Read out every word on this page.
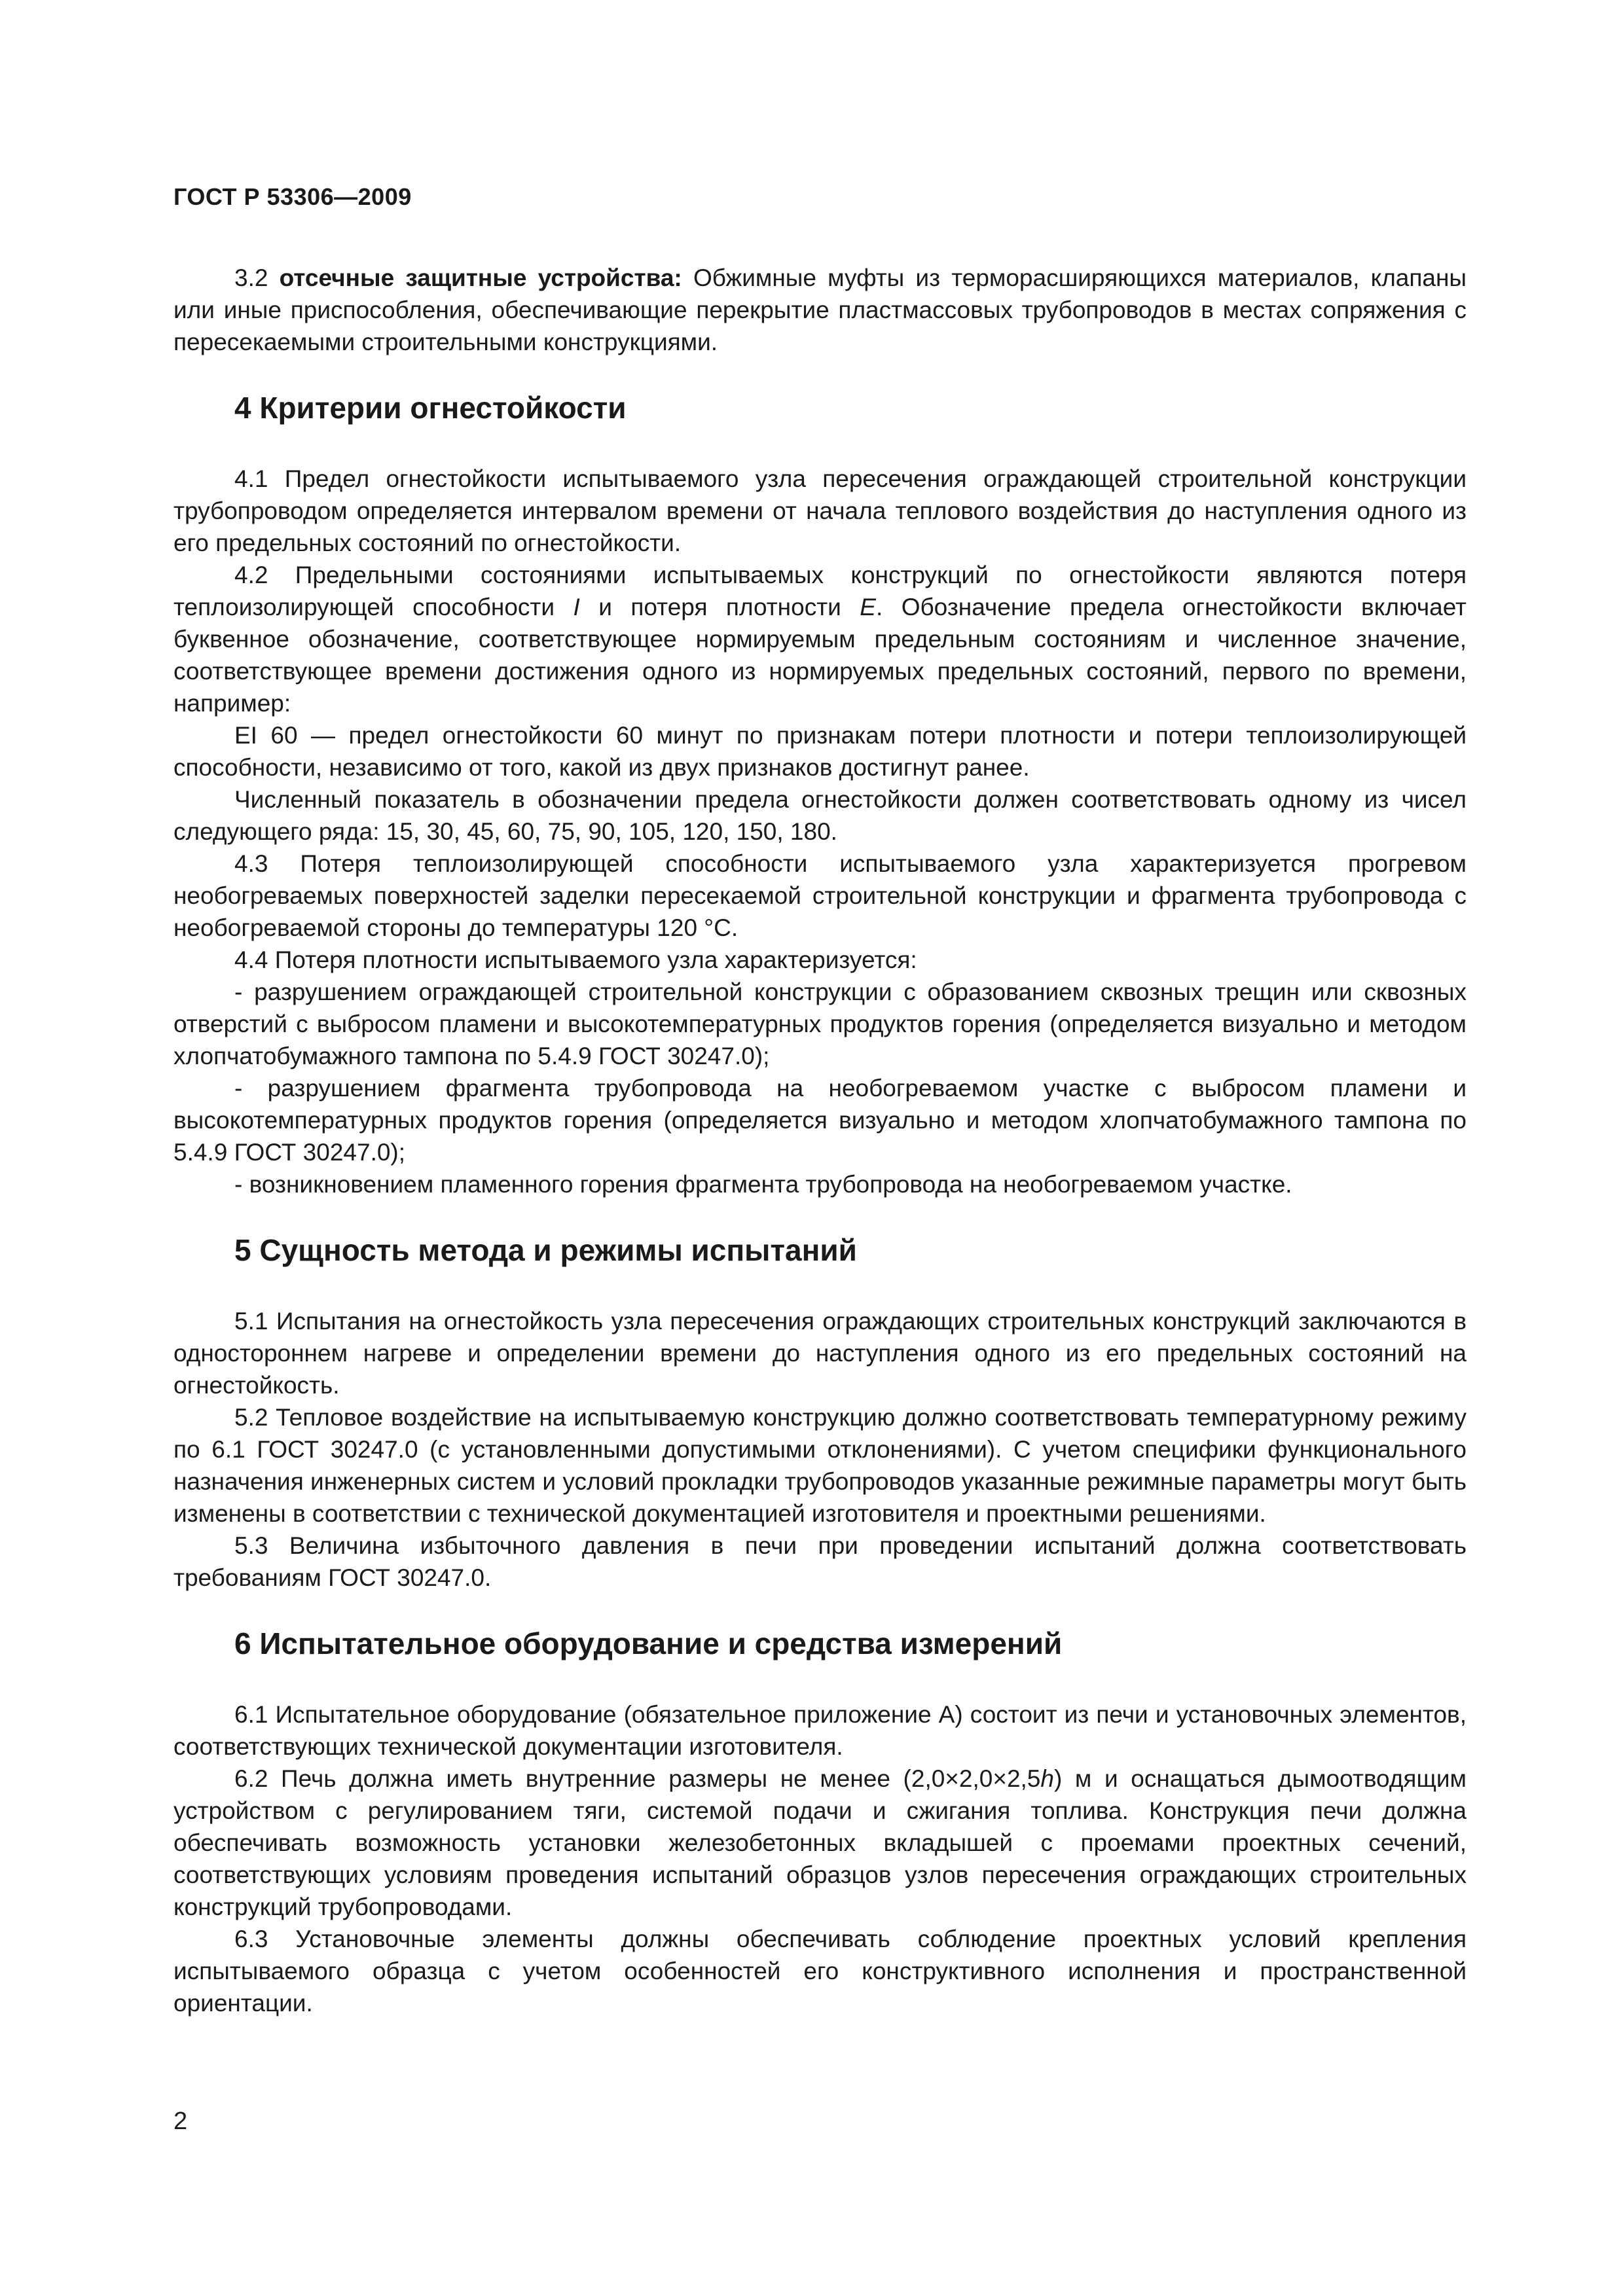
ГОСТ Р 53306—2009

3.2 отсечные защитные устройства: Обжимные муфты из терморасширяющихся материалов, клапаны или иные приспособления, обеспечивающие перекрытие пластмассовых трубопроводов в местах сопряжения с пересекаемыми строительными конструкциями.

4 Критерии огнестойкости

4.1 Предел огнестойкости испытываемого узла пересечения ограждающей строительной конструкции трубопроводом определяется интервалом времени от начала теплового воздействия до наступления одного из его предельных состояний по огнестойкости.

4.2 Предельными состояниями испытываемых конструкций по огнестойкости являются потеря теплоизолирующей способности I и потеря плотности E. Обозначение предела огнестойкости включает буквенное обозначение, соответствующее нормируемым предельным состояниям и численное значение, соответствующее времени достижения одного из нормируемых предельных состояний, первого по времени, например:

EI 60 — предел огнестойкости 60 минут по признакам потери плотности и потери теплоизолирующей способности, независимо от того, какой из двух признаков достигнут ранее.

Численный показатель в обозначении предела огнестойкости должен соответствовать одному из чисел следующего ряда: 15, 30, 45, 60, 75, 90, 105, 120, 150, 180.

4.3 Потеря теплоизолирующей способности испытываемого узла характеризуется прогревом необогреваемых поверхностей заделки пересекаемой строительной конструкции и фрагмента трубопровода с необогреваемой стороны до температуры 120 °С.

4.4 Потеря плотности испытываемого узла характеризуется:

- разрушением ограждающей строительной конструкции с образованием сквозных трещин или сквозных отверстий с выбросом пламени и высокотемпературных продуктов горения (определяется визуально и методом хлопчатобумажного тампона по 5.4.9 ГОСТ 30247.0);

- разрушением фрагмента трубопровода на необогреваемом участке с выбросом пламени и высокотемпературных продуктов горения (определяется визуально и методом хлопчатобумажного тампона по 5.4.9 ГОСТ 30247.0);

- возникновением пламенного горения фрагмента трубопровода на необогреваемом участке.

5 Сущность метода и режимы испытаний

5.1 Испытания на огнестойкость узла пересечения ограждающих строительных конструкций заключаются в одностороннем нагреве и определении времени до наступления одного из его предельных состояний на огнестойкость.

5.2 Тепловое воздействие на испытываемую конструкцию должно соответствовать температурному режиму по 6.1 ГОСТ 30247.0 (с установленными допустимыми отклонениями). С учетом специфики функционального назначения инженерных систем и условий прокладки трубопроводов указанные режимные параметры могут быть изменены в соответствии с технической документацией изготовителя и проектными решениями.

5.3 Величина избыточного давления в печи при проведении испытаний должна соответствовать требованиям ГОСТ 30247.0.

6 Испытательное оборудование и средства измерений

6.1 Испытательное оборудование (обязательное приложение А) состоит из печи и установочных элементов, соответствующих технической документации изготовителя.

6.2 Печь должна иметь внутренние размеры не менее (2,0×2,0×2,5h) м и оснащаться дымоотводящим устройством с регулированием тяги, системой подачи и сжигания топлива. Конструкция печи должна обеспечивать возможность установки железобетонных вкладышей с проемами проектных сечений, соответствующих условиям проведения испытаний образцов узлов пересечения ограждающих строительных конструкций трубопроводами.

6.3 Установочные элементы должны обеспечивать соблюдение проектных условий крепления испытываемого образца с учетом особенностей его конструктивного исполнения и пространственной ориентации.

2
